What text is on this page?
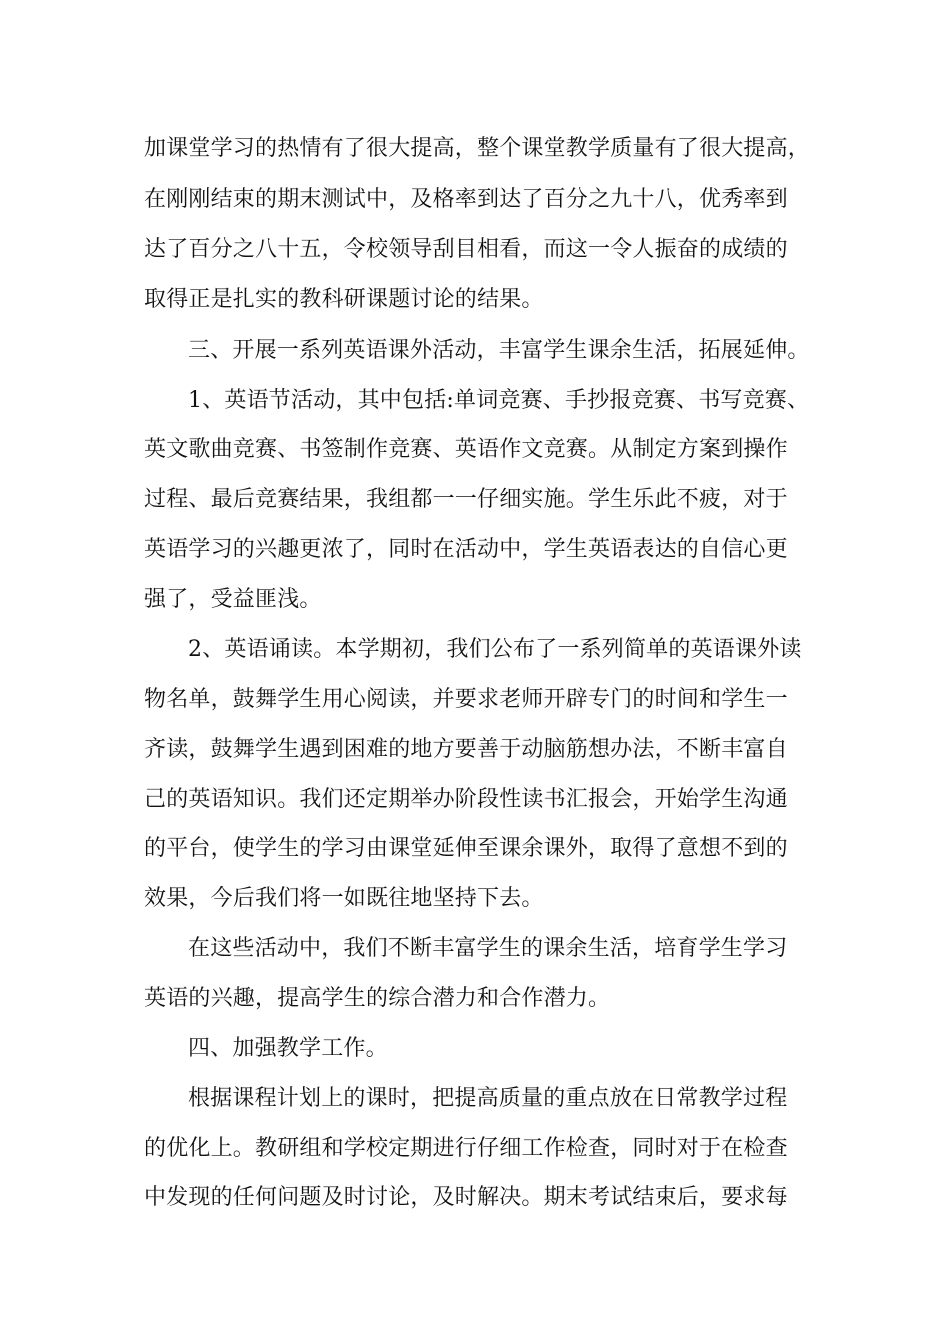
加课堂学习的热情有了很大提高，整个课堂教学质量有了很大提高，
在刚刚结束的期末测试中，及格率到达了百分之九十八，优秀率到
达了百分之八十五，令校领导刮目相看，而这一令人振奋的成绩的
取得正是扎实的教科研课题讨论的结果。
三、开展一系列英语课外活动，丰富学生课余生活，拓展延伸。
1、英语节活动，其中包括:单词竞赛、手抄报竞赛、书写竞赛、
英文歌曲竞赛、书签制作竞赛、英语作文竞赛。从制定方案到操作
过程、最后竞赛结果，我组都一一仔细实施。学生乐此不疲，对于
英语学习的兴趣更浓了，同时在活动中，学生英语表达的自信心更
强了，受益匪浅。
2、英语诵读。本学期初，我们公布了一系列简单的英语课外读
物名单，鼓舞学生用心阅读，并要求老师开辟专门的时间和学生一
齐读，鼓舞学生遇到困难的地方要善于动脑筋想办法，不断丰富自
己的英语知识。我们还定期举办阶段性读书汇报会，开始学生沟通
的平台，使学生的学习由课堂延伸至课余课外，取得了意想不到的
效果，今后我们将一如既往地坚持下去。
在这些活动中，我们不断丰富学生的课余生活，培育学生学习
英语的兴趣，提高学生的综合潜力和合作潜力。
四、加强教学工作。
根据课程计划上的课时，把提高质量的重点放在日常教学过程
的优化上。教研组和学校定期进行仔细工作检查，同时对于在检查
中发现的任何问题及时讨论，及时解决。期末考试结束后，要求每
